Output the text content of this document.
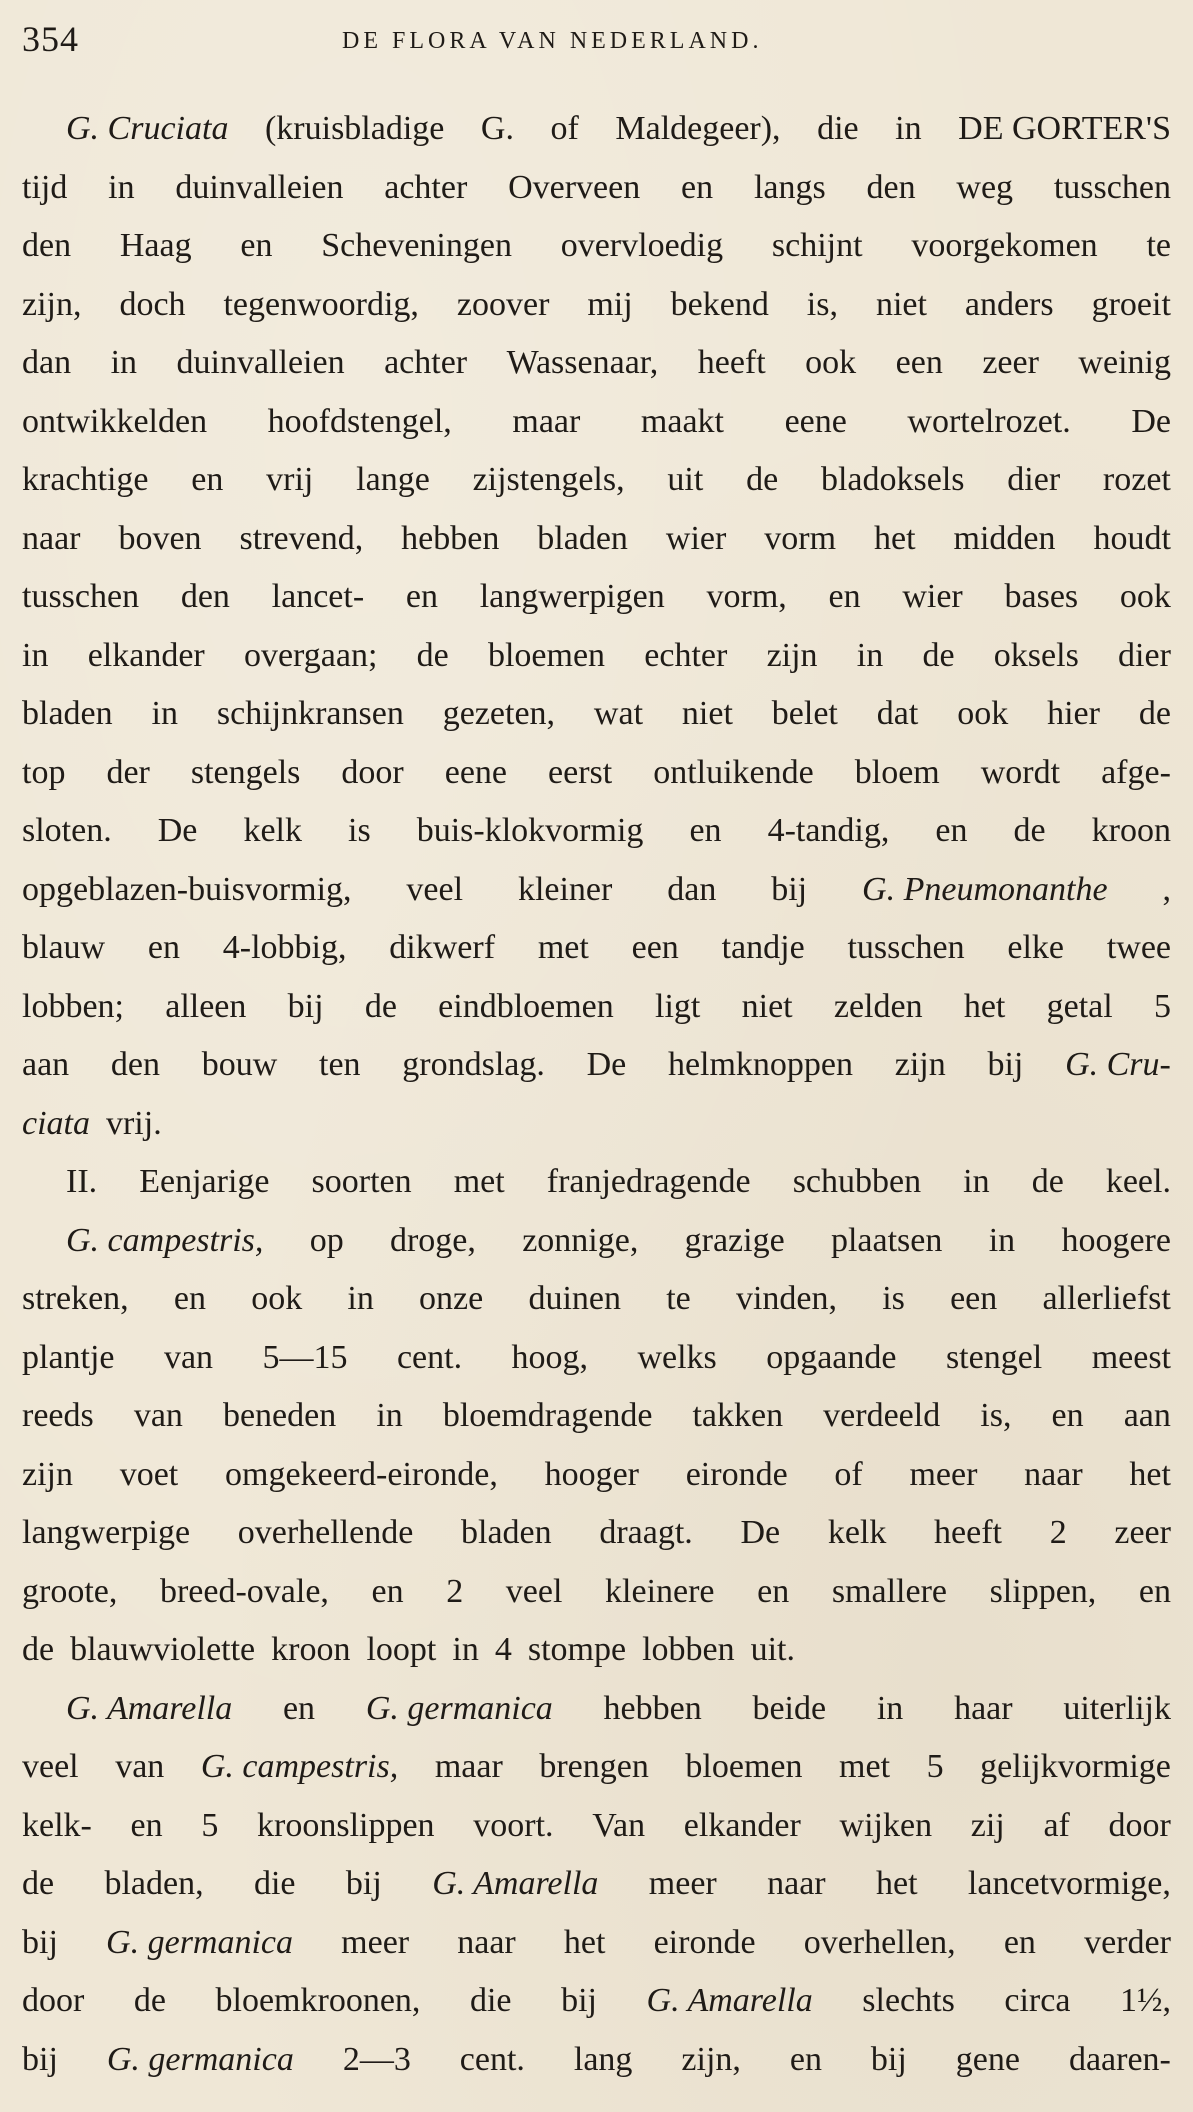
354	DE FLORA VAN NEDERLAND.
G. Cruciata (kruisbladige G. of Maldegeer), die in DE GORTER'S
tijd in duinvalleien achter Overveen en langs den weg tusschen
den Haag en Scheveningen overvloedig schijnt voorgekomen te
zijn, doch tegenwoordig, zoover mij bekend is, niet anders groeit
dan in duinvalleien achter Wassenaar, heeft ook een zeer weinig
ontwikkelden hoofdstengel, maar maakt eene wortelrozet. De
krachtige en vrij lange zijstengels, uit de bladoksels dier rozet
naar boven strevend, hebben bladen wier vorm het midden houdt
tusschen den lancet- en langwerpigen vorm, en wier bases ook
in elkander overgaan; de bloemen echter zijn in de oksels dier
bladen in schijnkransen gezeten, wat niet belet dat ook hier de
top der stengels door eene eerst ontluikende bloem wordt afge-
sloten. De kelk is buis-klokvormig en 4-tandig, en de kroon
opgeblazen-buisvormig, veel kleiner dan bij G. Pneumonanthe ,
blauw en 4-lobbig, dikwerf met een tandje tusschen elke twee
lobben; alleen bij de eindbloemen ligt niet zelden het getal 5
aan den bouw ten grondslag. De helmknoppen zijn bij G. Cru-
ciata vrij.
II. Eenjarige soorten met franjedragende schubben in de keel.
G. campestris, op droge, zonnige, grazige plaatsen in hoogere
streken, en ook in onze duinen te vinden, is een allerliefst
plantje van 5—15 cent. hoog, welks opgaande stengel meest
reeds van beneden in bloemdragende takken verdeeld is, en aan
zijn voet omgekeerd-eironde, hooger eironde of meer naar het
langwerpige overhellende bladen draagt. De kelk heeft 2 zeer
groote, breed-ovale, en 2 veel kleinere en smallere slippen, en
de blauwviolette kroon loopt in 4 stompe lobben uit.
G. Amarella en G. germanica hebben beide in haar uiterlijk
veel van G. campestris, maar brengen bloemen met 5 gelijkvormige
kelk- en 5 kroonslippen voort. Van elkander wijken zij af door
de bladen, die bij G. Amarella meer naar het lancetvormige,
bij G. germanica meer naar het eironde overhellen, en verder
door de bloemkroonen, die bij G. Amarella slechts circa 1½,
bij G. germanica 2—3 cent. lang zijn, en bij gene daaren-
